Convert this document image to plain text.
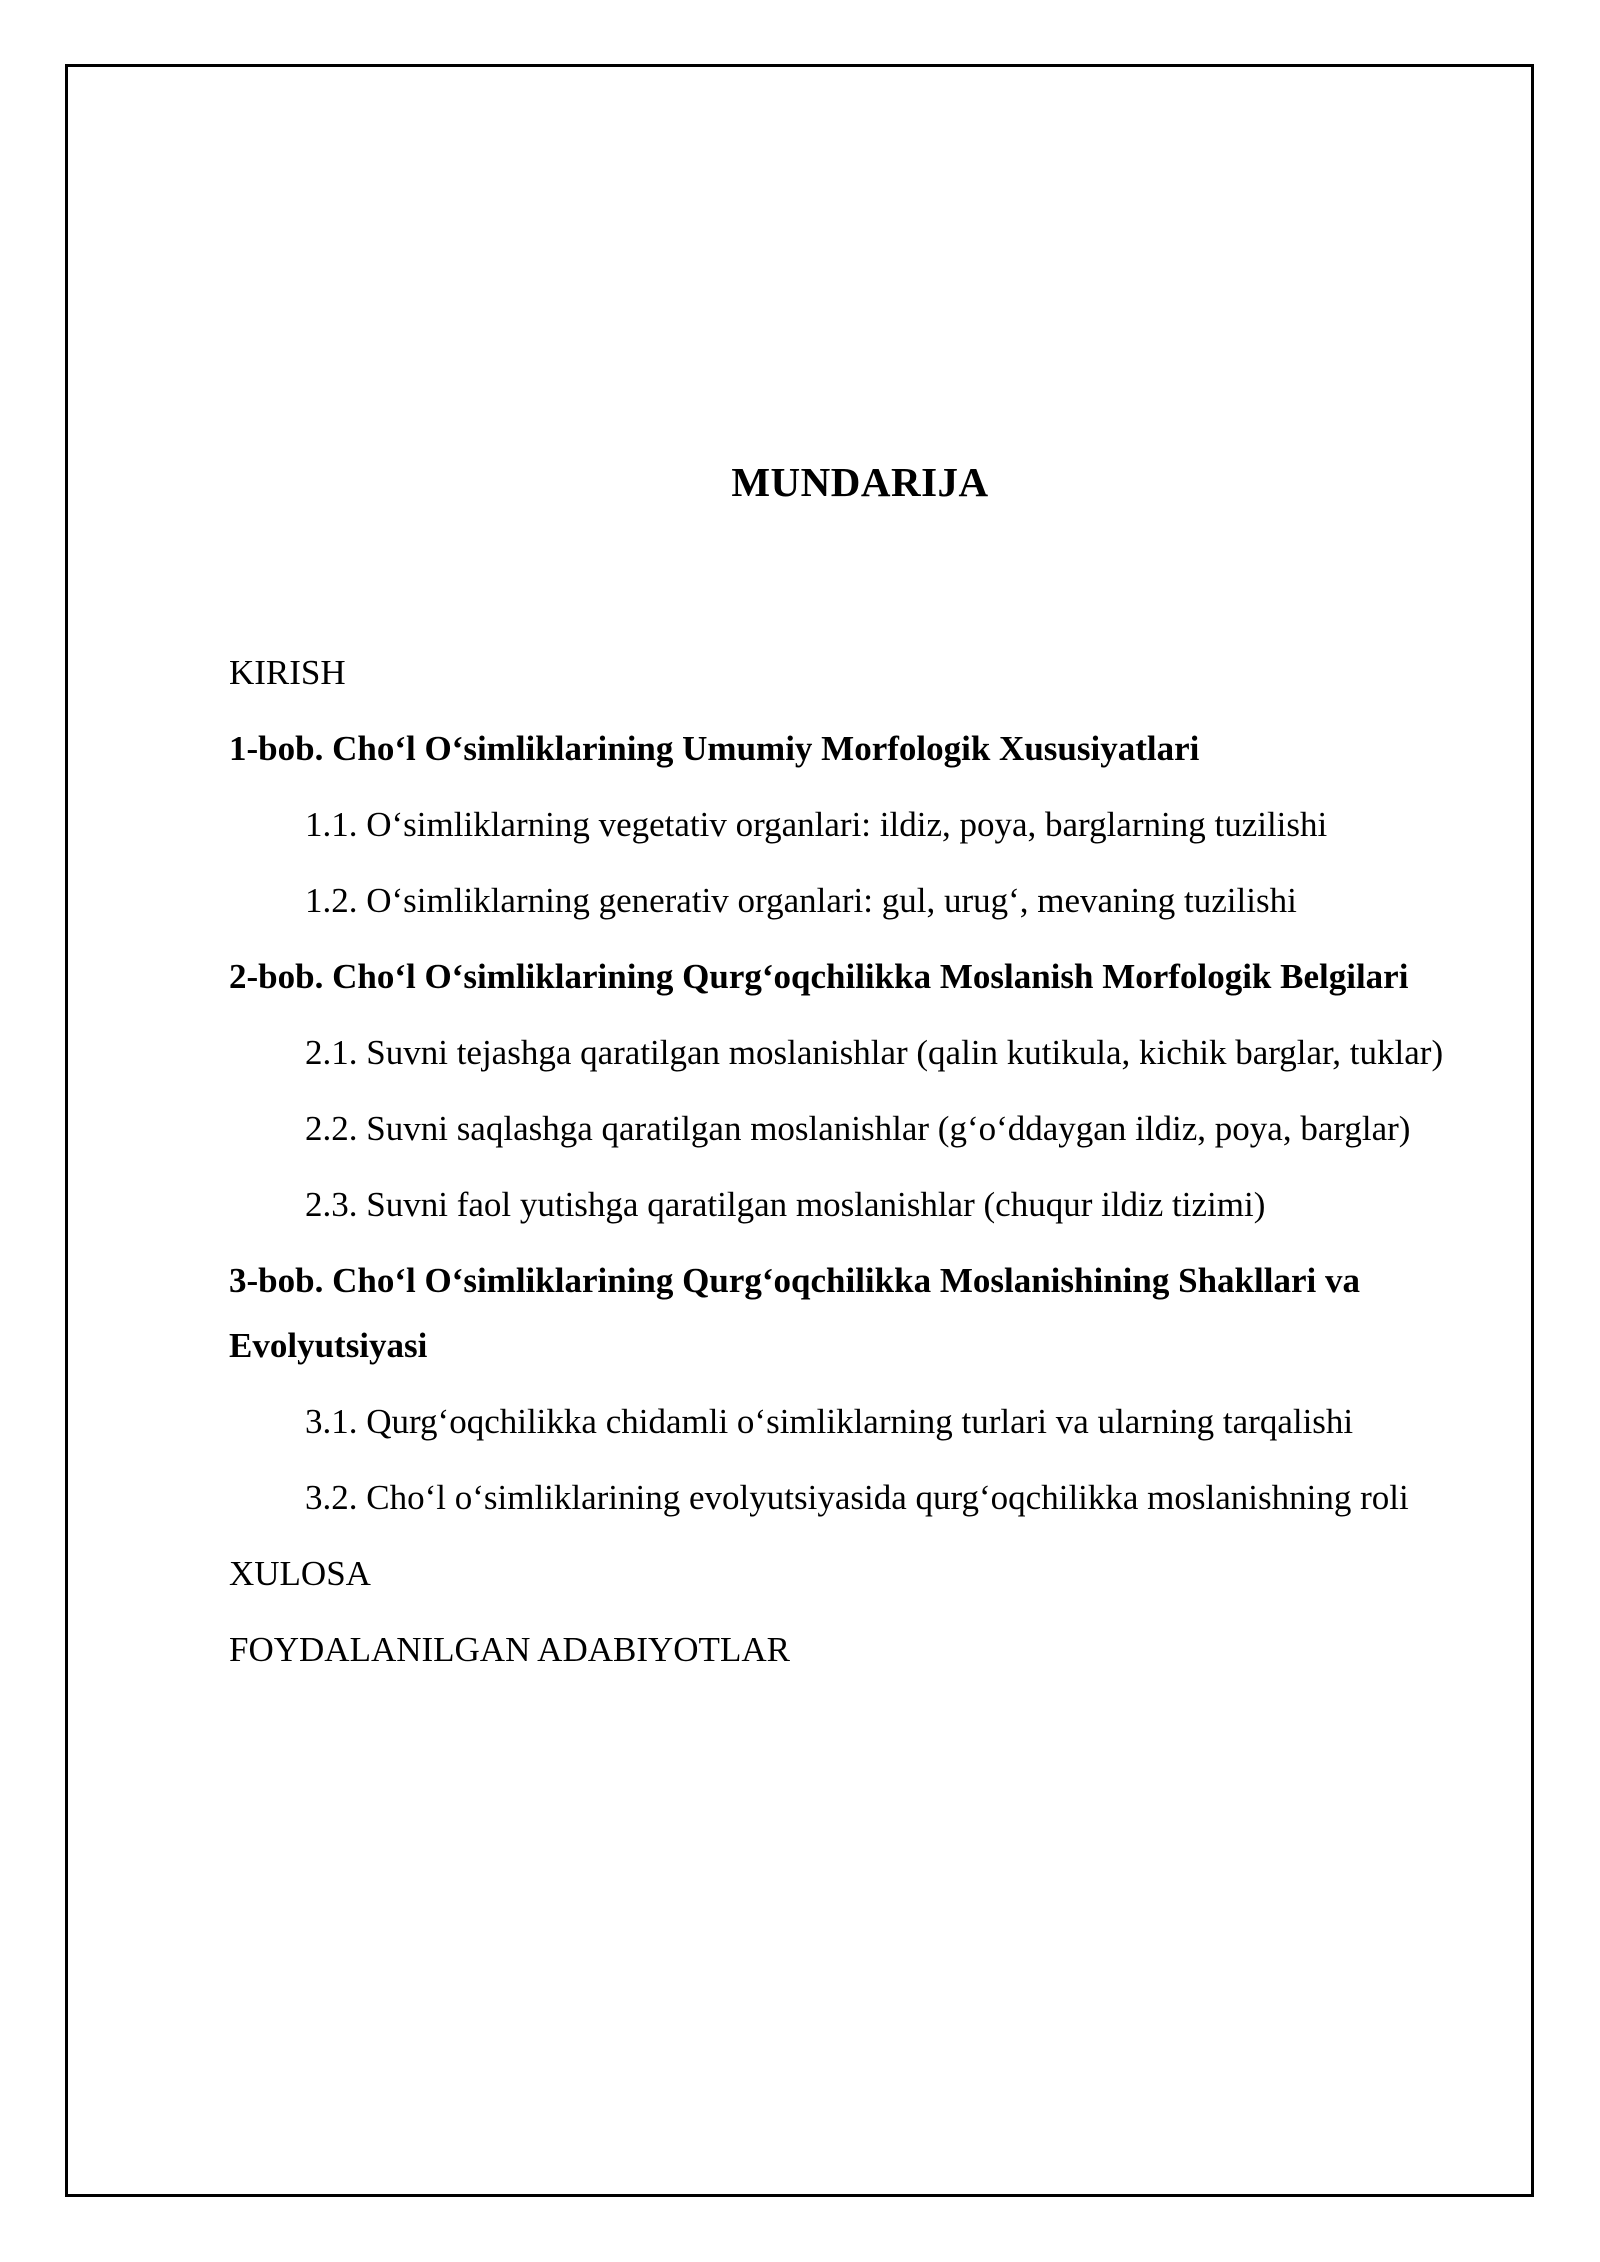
MUNDARIJA
KIRISH
1-bob. Cho‘l O‘simliklarining Umumiy Morfologik Xususiyatlari
1.1. O‘simliklarning vegetativ organlari: ildiz, poya, barglarning tuzilishi
1.2. O‘simliklarning generativ organlari: gul, urug‘, mevaning tuzilishi
2-bob. Cho‘l O‘simliklarining Qurg‘oqchilikka Moslanish Morfologik Belgilari
2.1. Suvni tejashga qaratilgan moslanishlar (qalin kutikula, kichik barglar, tuklar)
2.2. Suvni saqlashga qaratilgan moslanishlar (g‘o‘ddaygan ildiz, poya, barglar)
2.3. Suvni faol yutishga qaratilgan moslanishlar (chuqur ildiz tizimi)
3-bob. Cho‘l O‘simliklarining Qurg‘oqchilikka Moslanishining Shakllari va Evolyutsiyasi
3.1. Qurg‘oqchilikka chidamli o‘simliklarning turlari va ularning tarqalishi
3.2. Cho‘l o‘simliklarining evolyutsiyasida qurg‘oqchilikka moslanishning roli
XULOSA
FOYDALANILGAN ADABIYOTLAR
